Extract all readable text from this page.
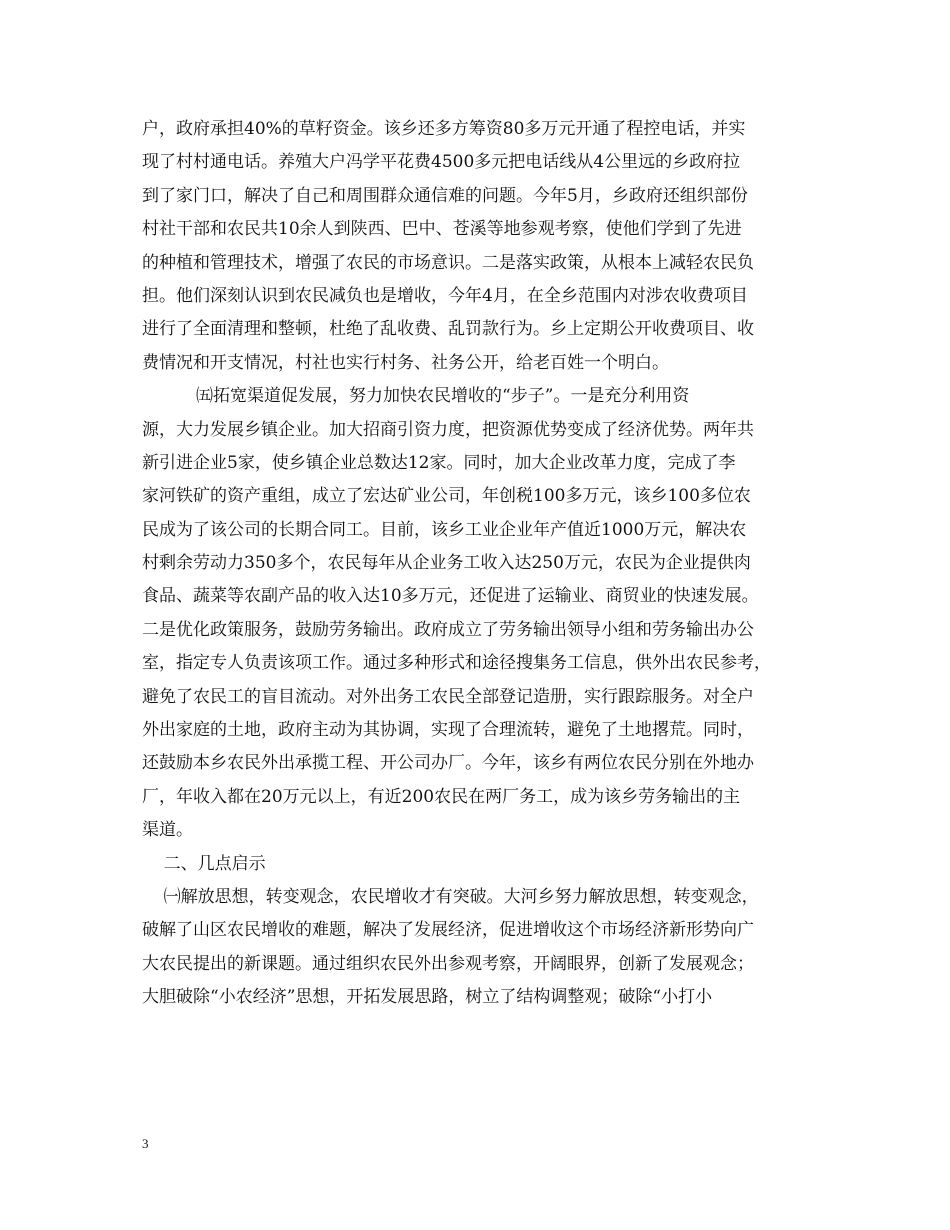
户，政府承担40%的草籽资金。该乡还多方筹资80多万元开通了程控电话，并实
现了村村通电话。养殖大户冯学平花费4500多元把电话线从4公里远的乡政府拉
到了家门口，解决了自己和周围群众通信难的问题。今年5月，乡政府还组织部份
村社干部和农民共10余人到陕西、巴中、苍溪等地参观考察，使他们学到了先进
的种植和管理技术，增强了农民的市场意识。二是落实政策，从根本上减轻农民负
担。他们深刻认识到农民减负也是增收，今年4月，在全乡范围内对涉农收费项目
进行了全面清理和整顿，杜绝了乱收费、乱罚款行为。乡上定期公开收费项目、收
费情况和开支情况，村社也实行村务、社务公开，给老百姓一个明白。
㈤拓宽渠道促发展，努力加快农民增收的“步子”。一是充分利用资
源，大力发展乡镇企业。加大招商引资力度，把资源优势变成了经济优势。两年共
新引进企业5家，使乡镇企业总数达12家。同时，加大企业改革力度，完成了李
家河铁矿的资产重组，成立了宏达矿业公司，年创税100多万元，该乡100多位农
民成为了该公司的长期合同工。目前，该乡工业企业年产值近1000万元，解决农
村剩余劳动力350多个，农民每年从企业务工收入达250万元，农民为企业提供肉
食品、蔬菜等农副产品的收入达10多万元，还促进了运输业、商贸业的快速发展。
二是优化政策服务，鼓励劳务输出。政府成立了劳务输出领导小组和劳务输出办公
室，指定专人负责该项工作。通过多种形式和途径搜集务工信息，供外出农民参考，
避免了农民工的盲目流动。对外出务工农民全部登记造册，实行跟踪服务。对全户
外出家庭的土地，政府主动为其协调，实现了合理流转，避免了土地撂荒。同时，
还鼓励本乡农民外出承揽工程、开公司办厂。今年，该乡有两位农民分别在外地办
厂，年收入都在20万元以上，有近200农民在两厂务工，成为该乡劳务输出的主
渠道。
二、几点启示
㈠解放思想，转变观念，农民增收才有突破。大河乡努力解放思想，转变观念，
破解了山区农民增收的难题，解决了发展经济，促进增收这个市场经济新形势向广
大农民提出的新课题。通过组织农民外出参观考察，开阔眼界，创新了发展观念；
大胆破除“小农经济”思想，开拓发展思路，树立了结构调整观；破除“小打小
3
